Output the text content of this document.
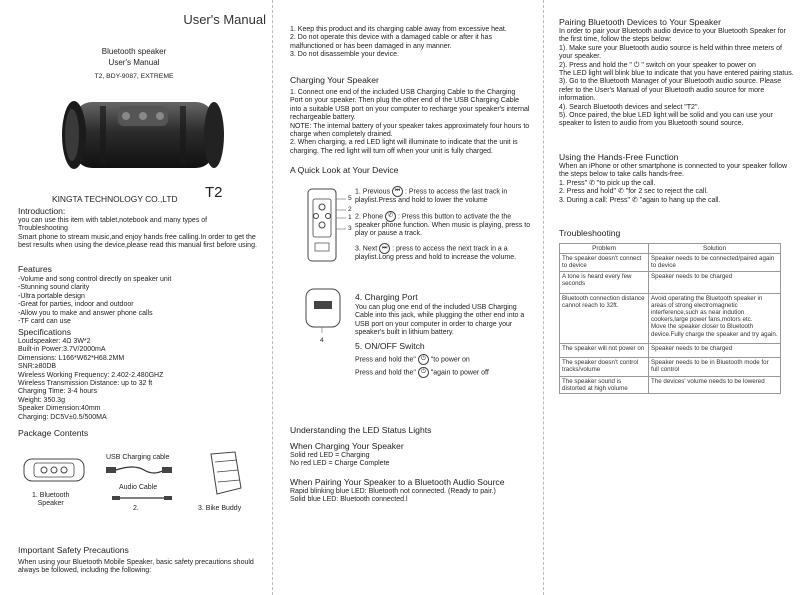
User's Manual
Bluetooth speaker
User's Manual
T2, BDY-9087, EXTREME
KINGTA TECHNOLOGY CO.,LTD T2
Introduction:
you can use this item with tablet,notebook and many types of Troubleshooting
Smart phone to stream music,and enjoy hands free calling.In order to get the best results when using the device,please read this manual first before using.
Features
-Volume and song control directly on speaker unit
-Stunning sound clarity
-Ultra portable design
-Great for parties, indoor and outdoor
-Allow you to make and answer phone calls
-TF card can use
Specifications
Loudspeaker: 4Ω 3W*2
Built-in Power:3.7V/2000mA
Dimensions: L166*W62*H68.2MM
SNR:≥80DB
Wireless Working Frequency: 2.402-2.480GHZ
Wireless Transmission Distance: up to 32 ft
Charging Time: 3-4 hours
Weight: 350.3g
Speaker Dimension:40mm
Charging: DC5V±0.5/500MA
Package Contents
1. Bluetooth
Speaker
USB Charging cable
Audio Cable
2.	3. Bike Buddy
Important Safety Precautions
When using your Bluetooth Mobile Speaker, basic safety precautions should always be followed, including the following:
1. Keep this product and its charging cable away from excessive heat.
2. Do not operate this device with a damaged cable or after it has malfunctioned or has been damaged in any manner.
3. Do not disassemble your device.
Charging Your Speaker
1. Connect one end of the included USB Charging Cable to the Charging Port on your speaker. Then plug the other end of the USB Charging Cable into a suitable USB port on your computer to recharge your speaker's internal rechargeable battery.
NOTE: The internal battery of your speaker takes approximately four hours to charge when completely drained.
2. When charging, a red LED light will illuminate to indicate that the unit is charging. The red light will turn off when your unit is fully charged.
A Quick Look at Your Device
5
2
1
3
4
1. Previous ⏮ : Press to access the last track in playlist.Press and hold to lower the volume
2. Phone ✆ : Press this button to activate the the speaker phone function. When music is playing, press to play or pause a track.
3. Next ⏭ : press to access the next track in a a playlist.Long press and hold to increase the volume.
4. Charging Port
You can plug one end of the included USB Charging Cable into this jack, while plugging the other end into a USB port on your computer in order to charge your speaker's built in lithium battery.
5. ON/OFF Switch
Press and hold the" ⏻ "to power on
Press and hold the" ⏻ "again to power off
Understanding the LED Status Lights
When Charging Your Speaker
Solid red LED = Charging
No red LED = Charge Complete
When Pairing Your Speaker to a Bluetooth Audio Source
Rapid blinking blue LED: Bluetooth not connected. (Ready to pair.)
Solid blue LED: Bluetooth connected.l
Pairing Bluetooth Devices to Your Speaker
In order to pair your Bluetooth audio device to your Bluetooth Speaker for the first time, follow the steps below:
1). Make sure your Bluetooth audio source is held within three meters of your speaker.
2). Press and hold the " ⏻ " switch on your speaker to power on
The LED light will blink blue to indicate that you have entered pairing status.
3). Go to the Bluetooth Manager of your Bluetooth audio source. Please refer to the User's Manual of your Bluetooth audio source for more information.
4). Search Bluetooth devices and select "T2".
5). Once paired, the blue LED light will be solid and you can use your speaker to listen to audio from you Bluetooth sound source.
Using the Hands-Free Function
When an iPhone or other smartphone is connected to your speaker follow the steps below to take calls hands-free.
1. Press" ✆ "to pick up the call.
2. Press and hold" ✆ "for 2 sec to reject the call.
3. During a call: Press" ✆ "again to hang up the call.
Troubleshooting
Problem	Solution
The speaker doesn't connect to device	Speaker needs to be connected/paired again to device
A tone is heard every few seconds	Speaker needs to be charged
Bluetooth connection distance cannot reach to 32ft.	Avoid operating the Bluetooth speaker in areas of strong electromagnetic interference,such as near indution cookers,large power fans,motors etc.
Move the speaker closer to Bluetooth device.Fully charge the speaker and try again.
The speaker will not power on	Speaker needs to be charged
The speaker doesn't control tracks/volume	Speaker needs to be in Bluetooth mode for full control
The speaker sound is distorted at high volume	The devices' volume needs to be lowered
